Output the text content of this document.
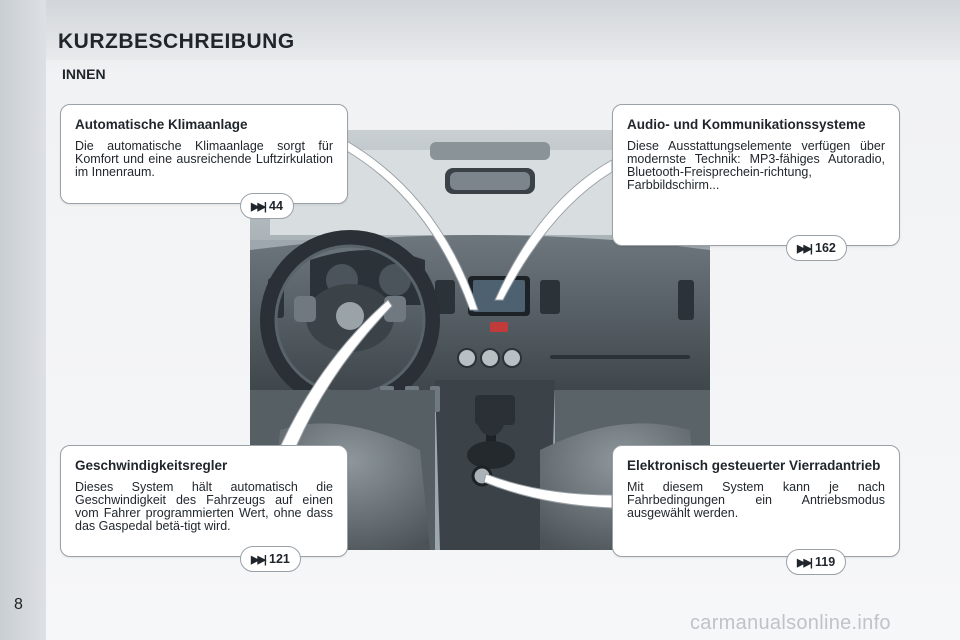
KURZBESCHREIBUNG
INNEN
Automatische Klimaanlage

Die automatische Klimaanlage sorgt für Komfort und eine ausreichende Luftzirkulation im Innenraum.

▶▶| 44
Audio- und Kommunikationssysteme

Diese Ausstattungselemente verfügen über modernste Technik: MP3-fähiges Autoradio, Bluetooth-Freisprechein-richtung, Farbbildschirm...

▶▶| 162
Geschwindigkeitsregler

Dieses System hält automatisch die Geschwindigkeit des Fahrzeugs auf einen vom Fahrer programmierten Wert, ohne dass das Gaspedal betä-tigt wird.

▶▶| 121
Elektronisch gesteuerter Vierradantrieb

Mit diesem System kann je nach Fahrbedingungen ein Antriebsmodus ausgewählt werden.

▶▶| 119
8
carmanualsonline.info
